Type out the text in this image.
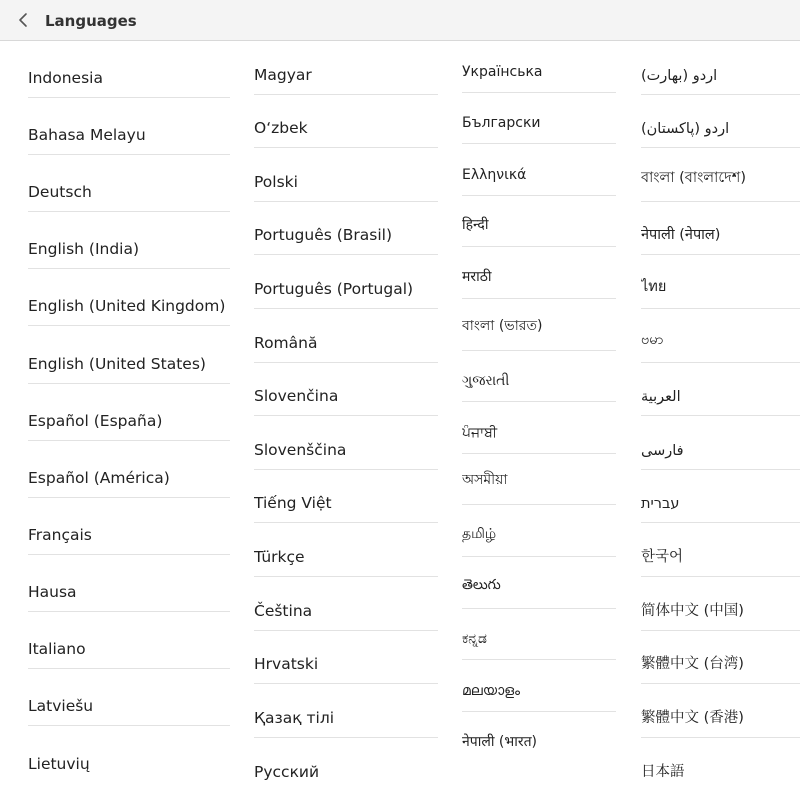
Languages
Indonesia
Bahasa Melayu
Deutsch
English (India)
English (United Kingdom)
English (United States)
Español (España)
Español (América)
Français
Hausa
Italiano
Latviešu
Lietuvių
Magyar
O‘zbek
Polski
Português (Brasil)
Português (Portugal)
Română
Slovenčina
Slovenščina
Tiếng Việt
Türkçe
Čeština
Hrvatski
Қазақ тілі
Русский
Українська
Български
Ελληνικά
हिन्दी
मराठी
বাংলা (ভারত)
ગુજરાતી
ਪੰਜਾਬੀ
অসমীয়া
தமிழ்
తెలుగు
ಕನ್ನಡ
മലയാളം
नेपाली (भारत)
اردو (بھارت)
اردو (پاکستان)
বাংলা (বাংলাদেশ)
नेपाली (नेपाल)
ไทย
ဗမာ
العربية
فارسی
עברית
한국어
简体中文 (中国)
繁體中文 (台湾)
繁體中文 (香港)
日本語
